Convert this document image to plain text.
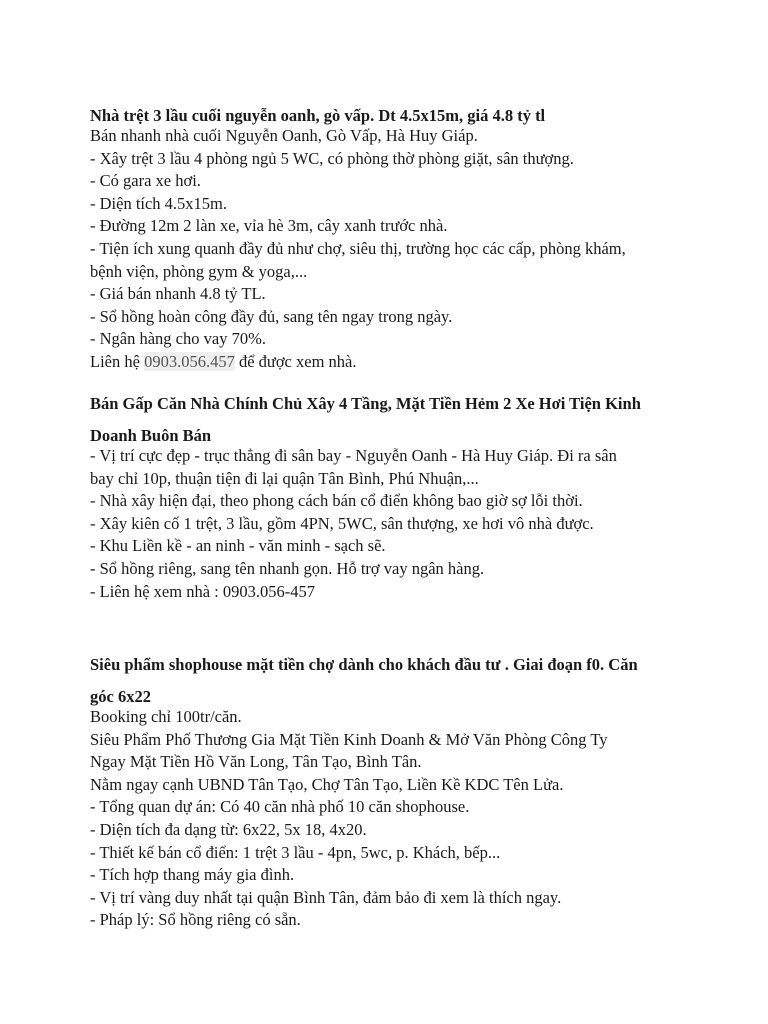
Nhà trệt 3 lầu cuối nguyễn oanh, gò vấp. Dt 4.5x15m, giá 4.8 tỷ tl

Bán nhanh nhà cuối Nguyễn Oanh, Gò Vấp, Hà Huy Giáp.

- Xây trệt 3 lầu 4 phòng ngủ 5 WC, có phòng thờ phòng giặt, sân thượng.

- Có gara xe hơi.

- Diện tích 4.5x15m.

- Đường 12m 2 làn xe, vỉa hè 3m, cây xanh trước nhà.

- Tiện ích xung quanh đầy đủ như chợ, siêu thị, trường học các cấp, phòng khám,

bệnh viện, phòng gym & yoga,...

- Giá bán nhanh 4.8 tỷ TL.

- Sổ hồng hoàn công đầy đủ, sang tên ngay trong ngày.

- Ngân hàng cho vay 70%.

Liên hệ 0903.056.457 để được xem nhà.

Bán Gấp Căn Nhà Chính Chủ Xây 4 Tầng, Mặt Tiền Hẻm 2 Xe Hơi Tiện Kinh

Doanh Buôn Bán

- Vị trí cực đẹp - trục thẳng đi sân bay - Nguyễn Oanh - Hà Huy Giáp. Đi ra sân

bay chỉ 10p, thuận tiện đi lại quận Tân Bình, Phú Nhuận,...

- Nhà xây hiện đại, theo phong cách bán cổ điển không bao giờ sợ lỗi thời.

- Xây kiên cố 1 trệt, 3 lầu, gồm 4PN, 5WC, sân thượng, xe hơi vô nhà được.

- Khu Liền kề - an ninh - văn minh - sạch sẽ.

- Sổ hồng riêng, sang tên nhanh gọn. Hỗ trợ vay ngân hàng.

- Liên hệ xem nhà : 0903.056-457

Siêu phẩm shophouse mặt tiền chợ dành cho khách đầu tư . Giai đoạn f0. Căn

góc 6x22

Booking chỉ 100tr/căn.

Siêu Phẩm Phố Thương Gia Mặt Tiền Kinh Doanh & Mở Văn Phòng Công Ty

Ngay Mặt Tiền Hồ Văn Long, Tân Tạo, Bình Tân.

Nằm ngay cạnh UBND Tân Tạo, Chợ Tân Tạo, Liền Kề KDC Tên Lửa.

- Tổng quan dự án: Có 40 căn nhà phố 10 căn shophouse.

- Diện tích đa dạng từ: 6x22, 5x 18, 4x20.

- Thiết kế bán cổ điển: 1 trệt 3 lầu - 4pn, 5wc, p. Khách, bếp...

- Tích hợp thang máy gia đình.

- Vị trí vàng duy nhất tại quận Bình Tân, đảm bảo đi xem là thích ngay.

- Pháp lý: Sổ hồng riêng có sẵn.
